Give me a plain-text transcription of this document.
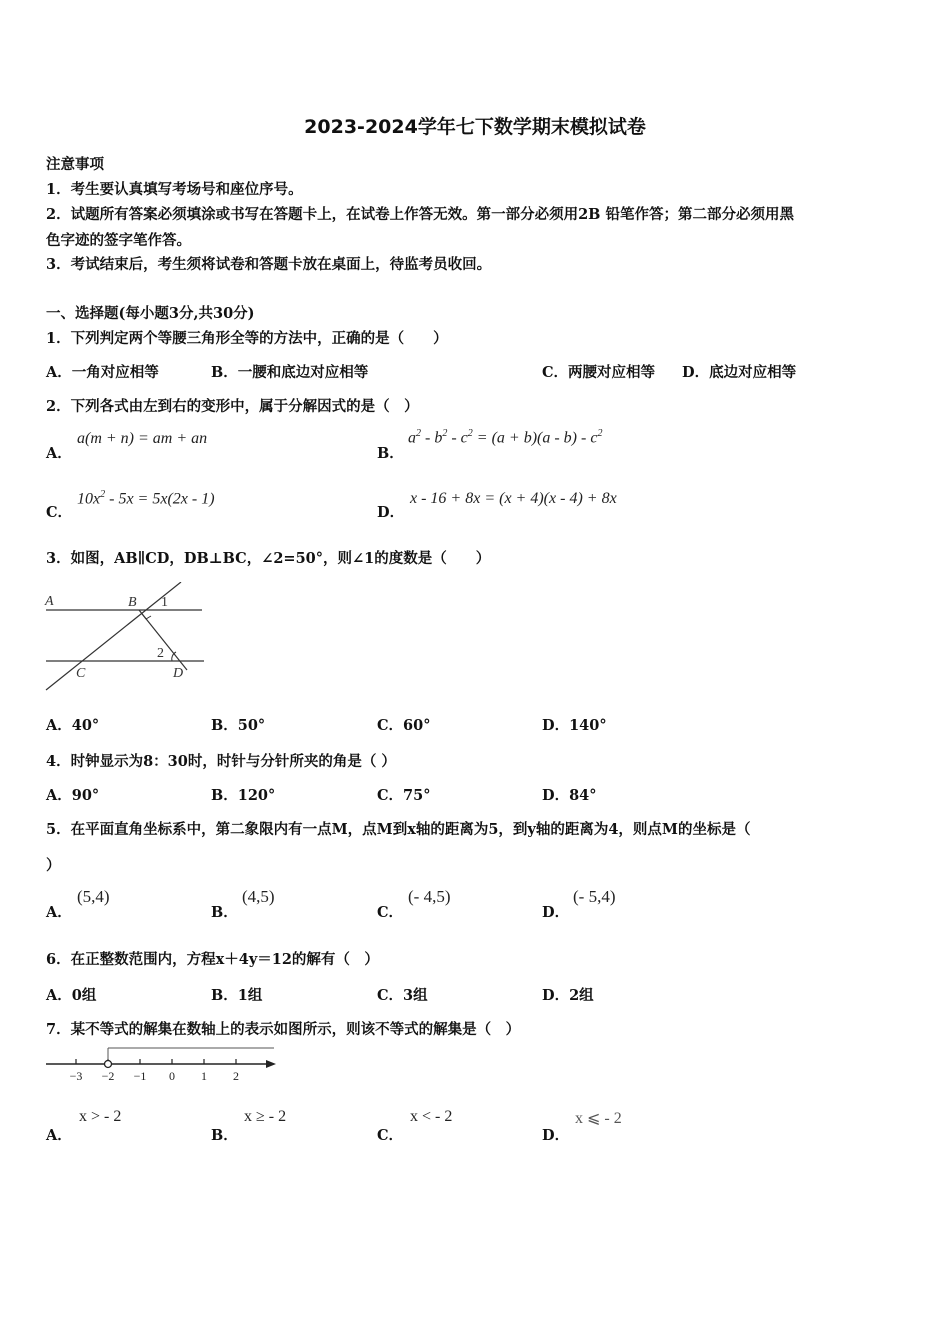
2023-2024学年七下数学期末模拟试卷
注意事项
1．考生要认真填写考场号和座位序号。
2．试题所有答案必须填涂或书写在答题卡上，在试卷上作答无效。第一部分必须用2B 铅笔作答；第二部分必须用黑
色字迹的签字笔作答。
3．考试结束后，考生须将试卷和答题卡放在桌面上，待监考员收回。
一、选择题(每小题3分,共30分)
1．下列判定两个等腰三角形全等的方法中，正确的是（　　）
A．一角对应相等	B．一腰和底边对应相等	C．两腰对应相等 D．底边对应相等
2．下列各式由左到右的变形中，属于分解因式的是（　）
A．
a(m + n) = am + an
B．
$a^2 - b^2 - c^2 = (a + b)(a - b) - c^2$
C．
$10x^2 - 5x = 5x(2x - 1)$
D．
x - 16 + 8x = (x + 4)(x - 4) + 8x
3．如图，AB∥CD，DB⊥BC，∠2=50°，则∠1的度数是（　　）
A	B 1
2
C	D
A．40°	B．50°	C．60°	D．140°
4．时钟显示为8：30时，时针与分针所夹的角是（ ）
A．90°	B．120°	C．75°	D．84°
5．在平面直角坐标系中，第二象限内有一点M，点M到x轴的距离为5，到y轴的距离为4，则点M的坐标是（
）
A．
(5,4)
B．
(4,5)
C．
(- 4,5)
D．
(- 5,4)
6．在正整数范围内，方程x＋4y＝12的解有（　）
A．0组	B．1组	C．3组	D．2组
7．某不等式的解集在数轴上的表示如图所示，则该不等式的解集是（　）
−3 −2 −1 0 1 2
A．
x > - 2
B．
x ≥ - 2
C．
x < - 2
D．
x ⩽ - 2
